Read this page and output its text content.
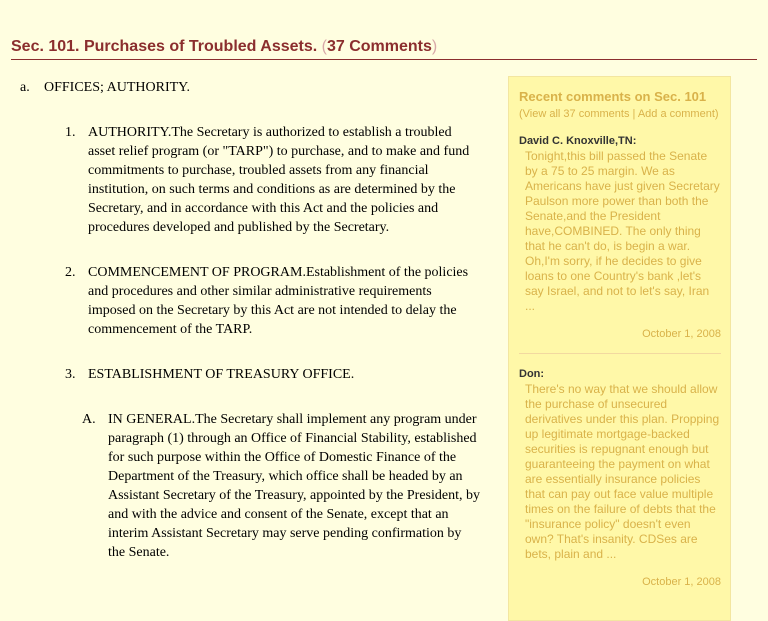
Sec. 101. Purchases of Troubled Assets. (37 Comments)
a. OFFICES; AUTHORITY.
1. AUTHORITY.The Secretary is authorized to establish a troubled asset relief program (or "TARP") to purchase, and to make and fund commitments to purchase, troubled assets from any financial institution, on such terms and conditions as are determined by the Secretary, and in accordance with this Act and the policies and procedures developed and published by the Secretary.
2. COMMENCEMENT OF PROGRAM.Establishment of the policies and procedures and other similar administrative requirements imposed on the Secretary by this Act are not intended to delay the commencement of the TARP.
3. ESTABLISHMENT OF TREASURY OFFICE.
A. IN GENERAL.The Secretary shall implement any program under paragraph (1) through an Office of Financial Stability, established for such purpose within the Office of Domestic Finance of the Department of the Treasury, which office shall be headed by an Assistant Secretary of the Treasury, appointed by the President, by and with the advice and consent of the Senate, except that an interim Assistant Secretary may serve pending confirmation by the Senate.
Recent comments on Sec. 101
(View all 37 comments | Add a comment)
David C. Knoxville,TN:
Tonight,this bill passed the Senate by a 75 to 25 margin. We as Americans have just given Secretary Paulson more power than both the Senate,and the President have,COMBINED. The only thing that he can't do, is begin a war. Oh,I'm sorry, if he decides to give loans to one Country's bank ,let's say Israel, and not to let's say, Iran ...
October 1, 2008
Don:
There's no way that we should allow the purchase of unsecured derivatives under this plan. Propping up legitimate mortgage-backed securities is repugnant enough but guaranteeing the payment on what are essentially insurance policies that can pay out face value multiple times on the failure of debts that the "insurance policy" doesn't even own? That's insanity. CDSes are bets, plain and ...
October 1, 2008
